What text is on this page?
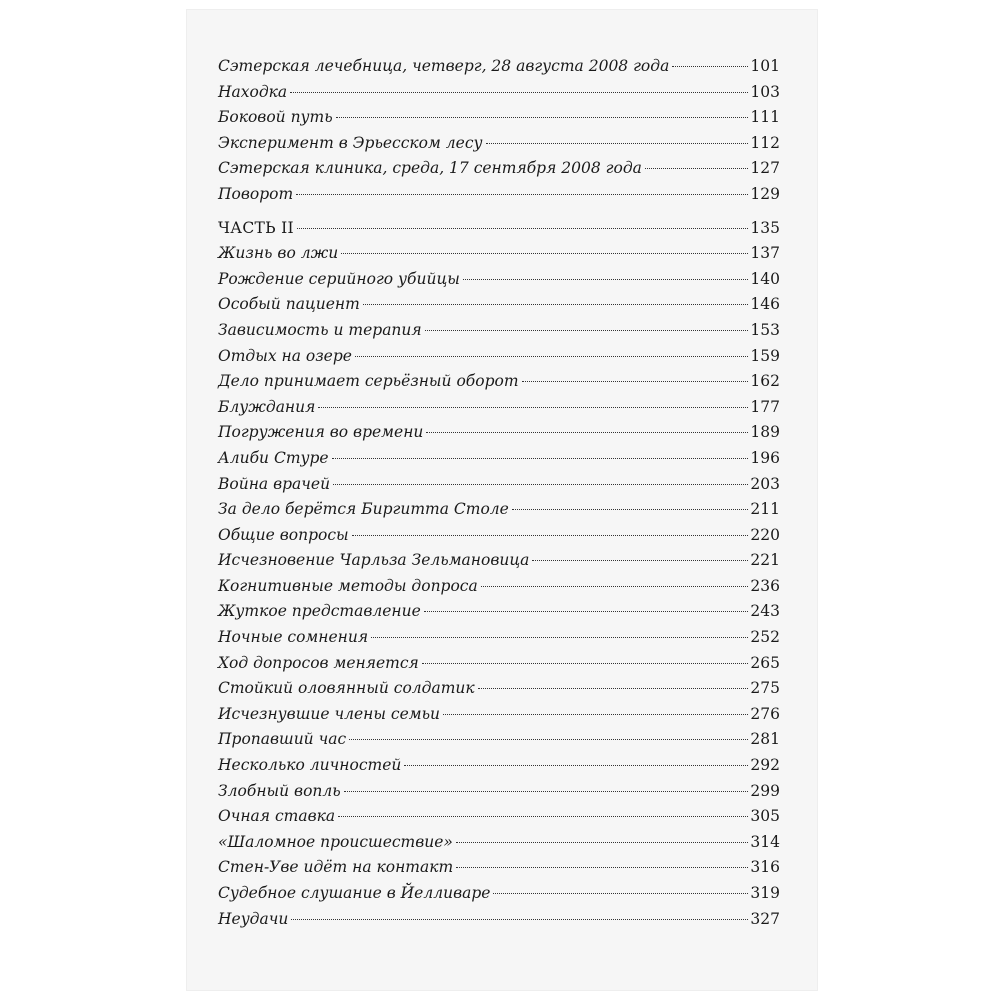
Сэтерская лечебница, четверг, 28 августа 2008 года	101
Находка	103
Боковой путь	111
Эксперимент в Эрьесском лесу	112
Сэтерская клиника, среда, 17 сентября 2008 года	127
Поворот	129
ЧАСТЬ II	135
Жизнь во лжи	137
Рождение серийного убийцы	140
Особый пациент	146
Зависимость и терапия	153
Отдых на озере	159
Дело принимает серьёзный оборот	162
Блуждания	177
Погружения во времени	189
Алиби Стуре	196
Война врачей	203
За дело берётся Биргитта Столе	211
Общие вопросы	220
Исчезновение Чарльза Зельмановица	221
Когнитивные методы допроса	236
Жуткое представление	243
Ночные сомнения	252
Ход допросов меняется	265
Стойкий оловянный солдатик	275
Исчезнувшие члены семьи	276
Пропавший час	281
Несколько личностей	292
Злобный вопль	299
Очная ставка	305
«Шаломное происшествие»	314
Стен-Уве идёт на контакт	316
Судебное слушание в Йелливаре	319
Неудачи	327
